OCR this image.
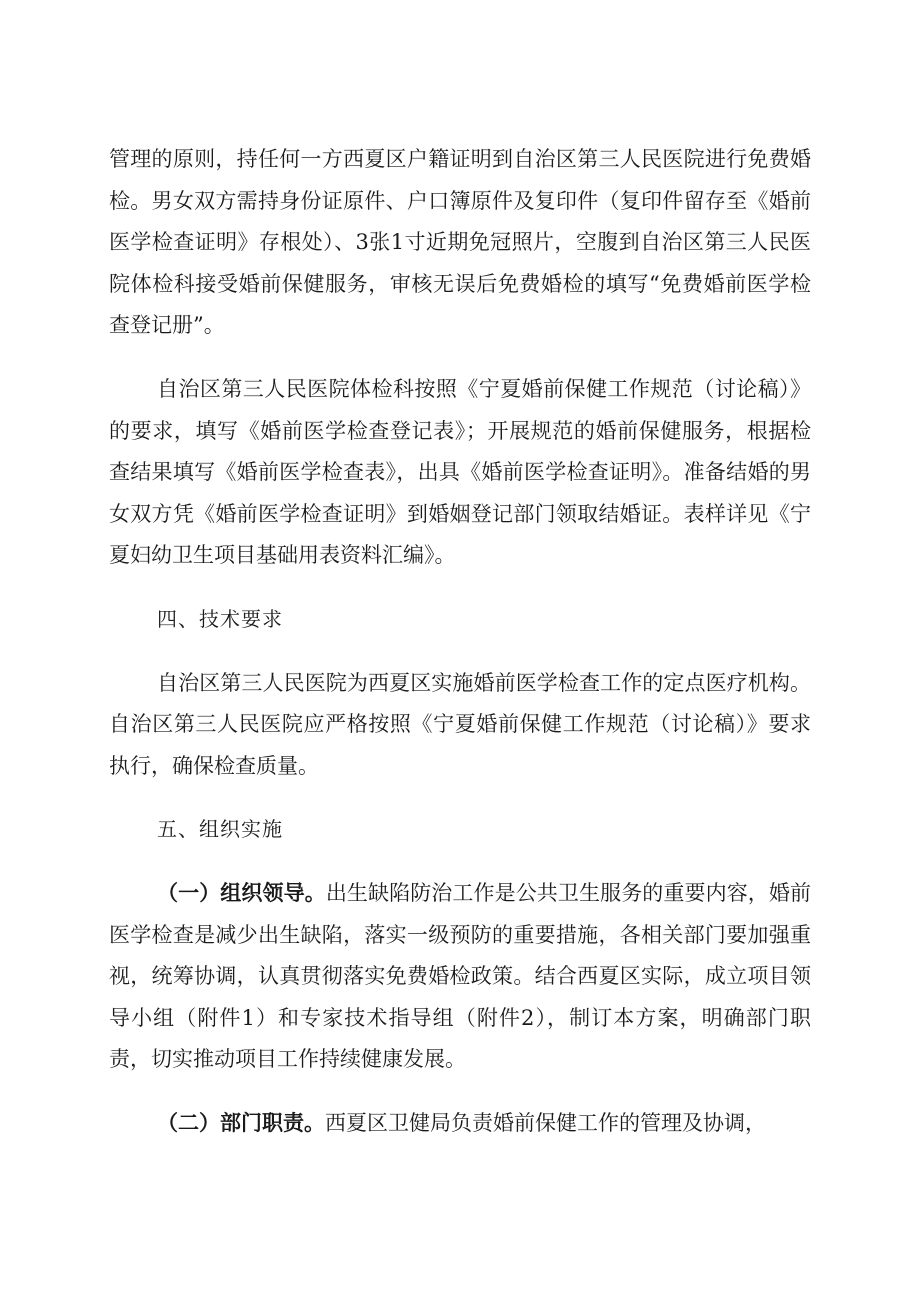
管理的原则，持任何一方西夏区户籍证明到自治区第三人民医院进行免费婚检。男女双方需持身份证原件、户口簿原件及复印件（复印件留存至《婚前医学检查证明》存根处）、3张1寸近期免冠照片，空腹到自治区第三人民医院体检科接受婚前保健服务，审核无误后免费婚检的填写“免费婚前医学检查登记册”。

自治区第三人民医院体检科按照《宁夏婚前保健工作规范（讨论稿）》的要求，填写《婚前医学检查登记表》；开展规范的婚前保健服务，根据检查结果填写《婚前医学检查表》，出具《婚前医学检查证明》。准备结婚的男女双方凭《婚前医学检查证明》到婚姻登记部门领取结婚证。表样详见《宁夏妇幼卫生项目基础用表资料汇编》。

四、技术要求

自治区第三人民医院为西夏区实施婚前医学检查工作的定点医疗机构。自治区第三人民医院应严格按照《宁夏婚前保健工作规范（讨论稿）》要求执行，确保检查质量。

五、组织实施

（一）组织领导。出生缺陷防治工作是公共卫生服务的重要内容，婚前医学检查是减少出生缺陷，落实一级预防的重要措施，各相关部门要加强重视，统筹协调，认真贯彻落实免费婚检政策。结合西夏区实际，成立项目领导小组（附件1）和专家技术指导组（附件2），制订本方案，明确部门职责，切实推动项目工作持续健康发展。

（二）部门职责。西夏区卫健局负责婚前保健工作的管理及协调，
